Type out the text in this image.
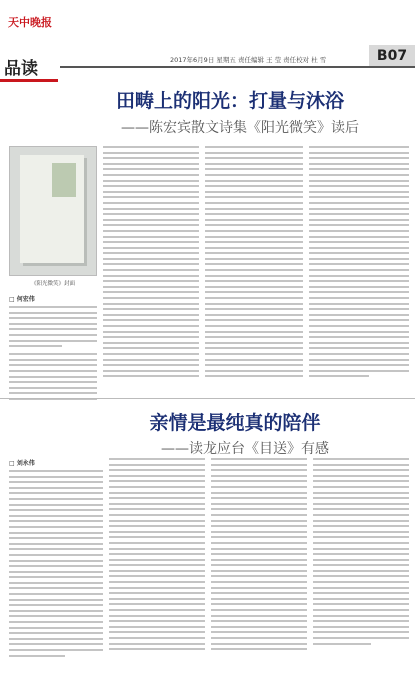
天中晚报
品读	2017年6月9日 星期五 责任编辑 王 莹 责任校对 杜 雪	B07
田畴上的阳光：打量与沐浴
——陈宏宾散文诗集《阳光微笑》读后
《阳光微笑》封面
□ 何宏伟
亲情是最纯真的陪伴
——读龙应台《目送》有感
□ 刘永伟
